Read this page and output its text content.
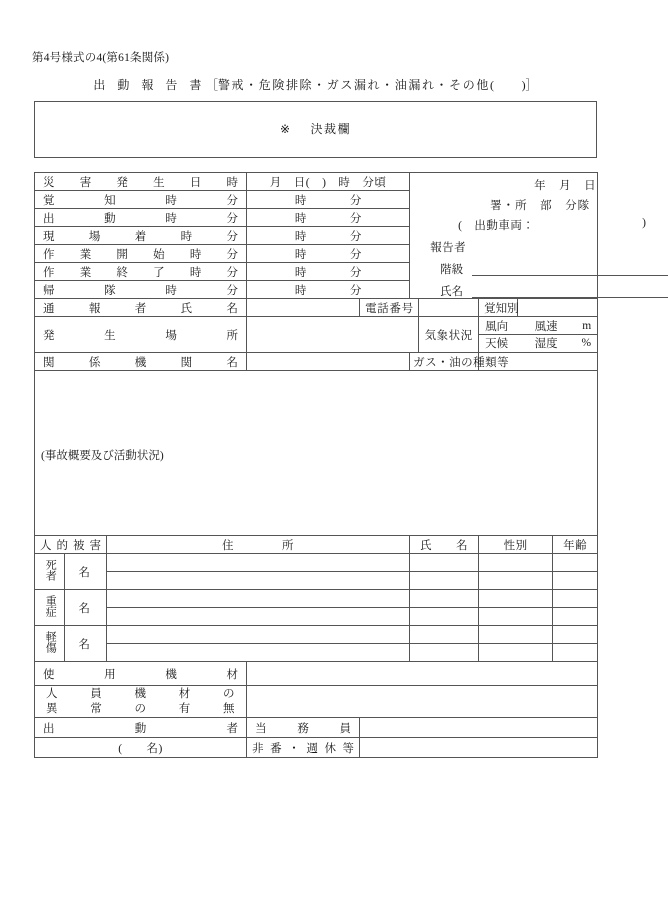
第4号様式の4(第61条関係)
出 動 報 告 書［警戒・危険排除・ガス漏れ・油漏れ・その他( )］
※ 決裁欄
災害発生日時	月　日(　)　時　分頃	年　月　日
署・所　部　分隊
(　出動車両：	)
報告者
階級
氏名

覚知時分	時	分

出動時分	時	分

現場着時分	時	分

作業開始時分	時	分

作業終了時分	時	分

帰隊時分	時	分

通報者氏名		電話番号		覚知別	
発生場所		気象状況	
風向	風速	m
天候	湿度	%

関係機関名		ガス・油の種類等	
(事故概要及び活動状況)
人的被害	住　　　　所	氏　　名	性別	年齢
死者	名				

重症	名				

軽傷	名				

使用機材	

人員機材の
異常の有無

出　動　者	当　務　員	
(　　名)	非番・週休等	
